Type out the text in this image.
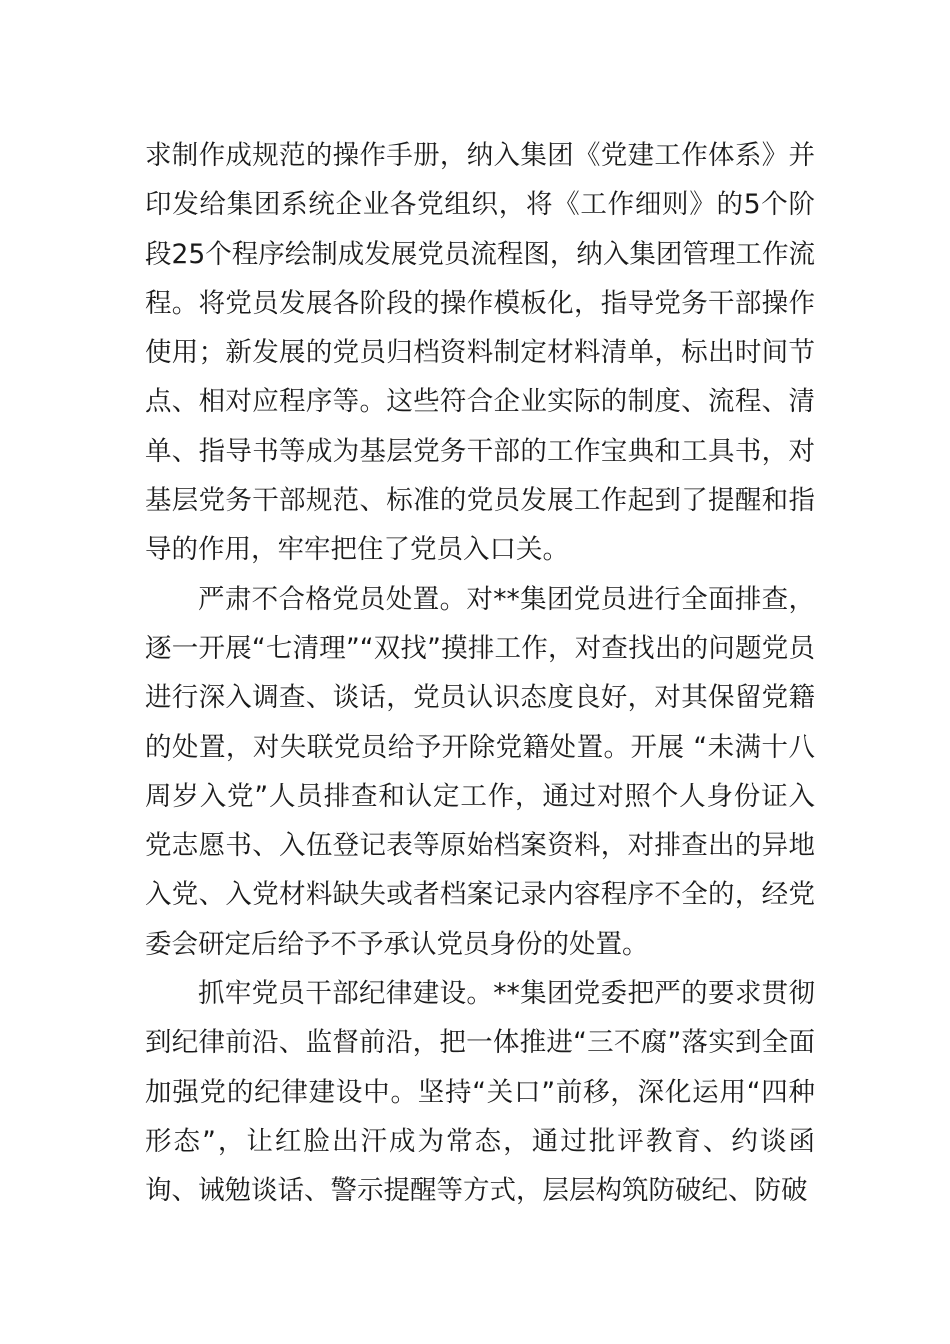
求制作成规范的操作手册，纳入集团《党建工作体系》并印发给集团系统企业各党组织，将《工作细则》的5个阶段25个程序绘制成发展党员流程图，纳入集团管理工作流程。将党员发展各阶段的操作模板化，指导党务干部操作使用；新发展的党员归档资料制定材料清单，标出时间节点、相对应程序等。这些符合企业实际的制度、流程、清单、指导书等成为基层党务干部的工作宝典和工具书，对基层党务干部规范、标准的党员发展工作起到了提醒和指导的作用，牢牢把住了党员入口关。

严肃不合格党员处置。对**集团党员进行全面排查，逐一开展“七清理”“双找”摸排工作，对查找出的问题党员进行深入调查、谈话，党员认识态度良好，对其保留党籍的处置，对失联党员给予开除党籍处置。开展 “未满十八周岁入党”人员排查和认定工作，通过对照个人身份证入党志愿书、入伍登记表等原始档案资料，对排查出的异地入党、入党材料缺失或者档案记录内容程序不全的，经党委会研定后给予不予承认党员身份的处置。

抓牢党员干部纪律建设。**集团党委把严的要求贯彻到纪律前沿、监督前沿，把一体推进“三不腐”落实到全面加强党的纪律建设中。坚持“关口”前移，深化运用“四种形态”，让红脸出汗成为常态，通过批评教育、约谈函询、诫勉谈话、警示提醒等方式，层层构筑防破纪、防破
